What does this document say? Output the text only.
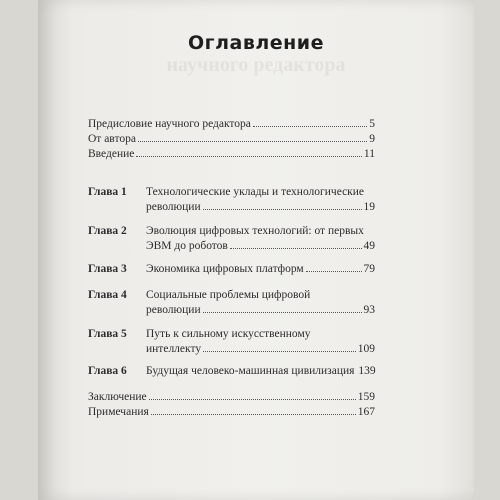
научного редактора
Оглавление
Предисловие научного редактора	5
От автора	9
Введение	11
Глава 1	Технологические уклады и технологические
революции	19
Глава 2	Эволюция цифровых технологий: от первых
ЭВМ до роботов	49
Глава 3	Экономика цифровых платформ	79
Глава 4	Социальные проблемы цифровой
революции	93
Глава 5	Путь к сильному искусственному
интеллекту	109
Глава 6	Будущая человеко-машинная цивилизация 139
Заключение	159
Примечания	167
